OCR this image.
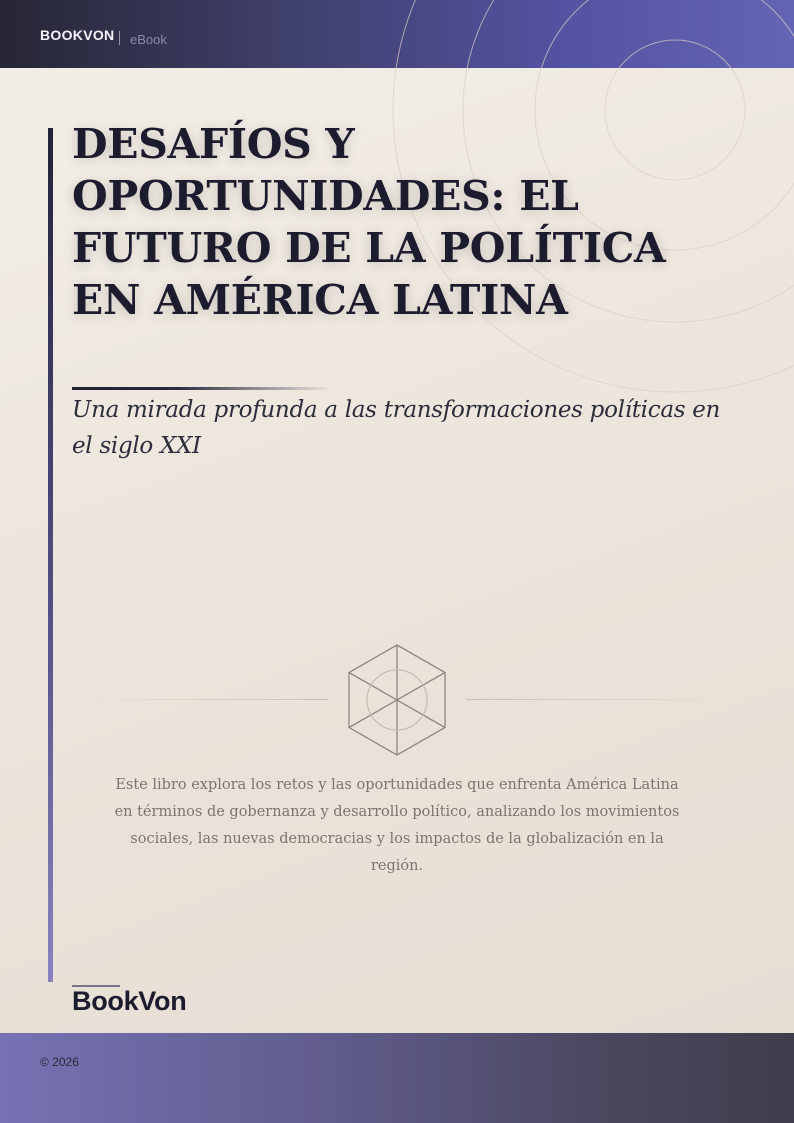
BOOKVON eBook
DESAFÍOS Y OPORTUNIDADES: EL FUTURO DE LA POLÍTICA EN AMÉRICA LATINA
Una mirada profunda a las transformaciones políticas en el siglo XXI

Este libro explora los retos y las oportunidades que enfrenta América Latina en términos de gobernanza y desarrollo político, analizando los movimientos sociales, las nuevas democracias y los impactos de la globalización en la región.

BookVon
© 2026
